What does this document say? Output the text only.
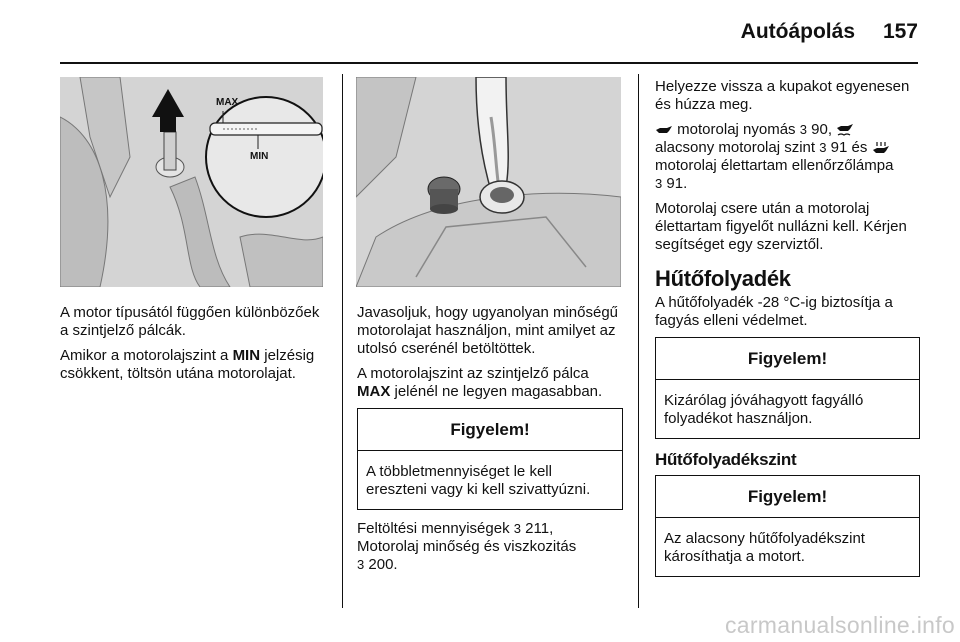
Autóápolás	157
MAX
MIN

A motor típusától függően különbözőek a szintjelző pálcák.

Amikor a motorolajszint a MIN jelzésig csökkent, töltsön utána motorolajat.

Javasoljuk, hogy ugyanolyan minőségű motorolajat használjon, mint amilyet az utolsó cserénél betöltöttek.

A motorolajszint az szintjelző pálca MAX jelénél ne legyen magasabban.

Figyelem!
A többletmennyiséget le kell ereszteni vagy ki kell szivattyúzni.

Feltöltési mennyiségek 3 211,
Motorolaj minőség és viszkozitás
3 200.

Helyezze vissza a kupakot egyenesen és húzza meg.

motorolaj nyomás 3 90,
alacsony motorolaj szint 3 91 és
motorolaj élettartam ellenőrzőlámpa
3 91.

Motorolaj csere után a motorolaj élettartam figyelőt nullázni kell. Kérjen segítséget egy szerviztől.

Hűtőfolyadék

A hűtőfolyadék -28 °C-ig biztosítja a fagyás elleni védelmet.

Figyelem!
Kizárólag jóváhagyott fagyálló folyadékot használjon.
Hűtőfolyadékszint
Figyelem!
Az alacsony hűtőfolyadékszint károsíthatja a motort.
carmanualsonline.info
